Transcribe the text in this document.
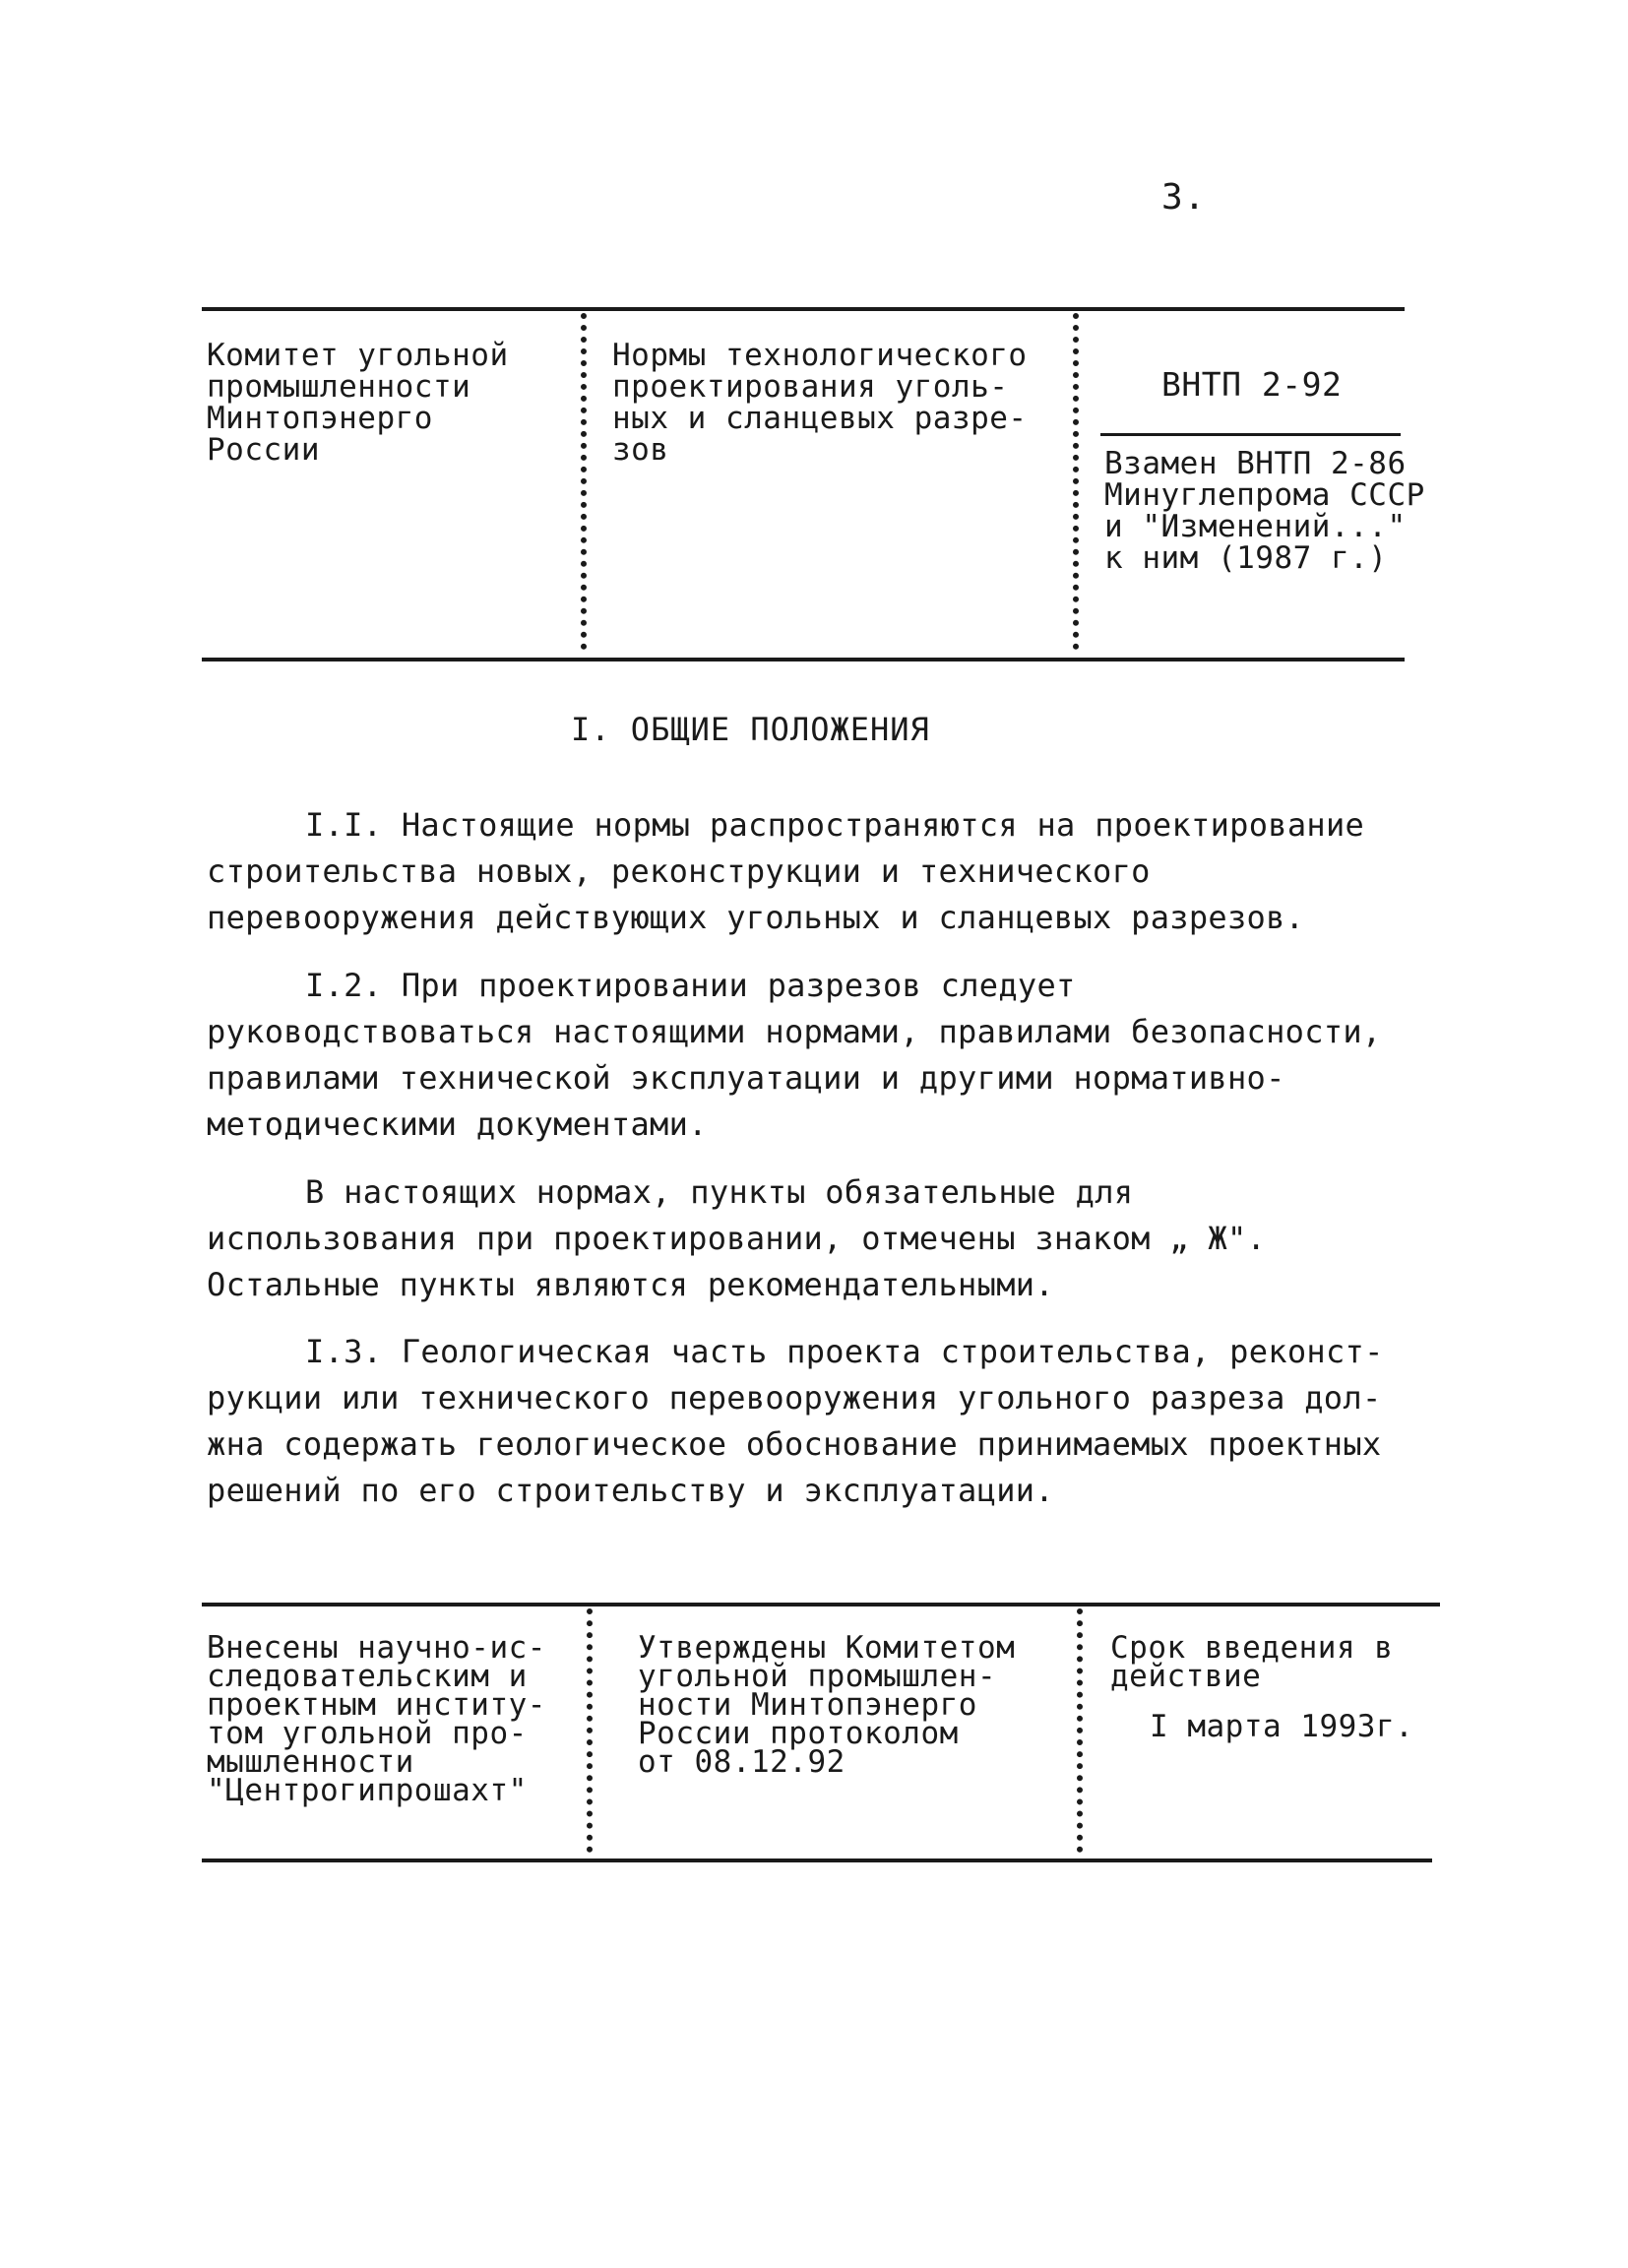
3.
Комитет угольной
промышленности
Минтопэнерго
России
Нормы технологического
проектирования уголь-
ных и сланцевых разре-
зов
ВНТП 2-92
Взамен ВНТП 2-86
Минуглепрома СССР
и "Изменений..."
к ним (1987 г.)
I. ОБЩИЕ ПОЛОЖЕНИЯ

I.I. Настоящие нормы распространяются на проектирование строительства новых, реконструкции и технического перевооружения действующих угольных и сланцевых разрезов.

I.2. При проектировании разрезов следует руководствоваться настоящими нормами, правилами безопасности, правилами технической эксплуатации и другими нормативно-методическими документами.

В настоящих нормах, пункты обязательные для использования при проектировании, отмечены знаком „ Ж". Остальные пункты являются рекомендательными.

I.3. Геологическая часть проекта строительства, реконструкции или технического перевооружения угольного разреза должна содержать геологическое обоснование принимаемых проектных решений по его строительству и эксплуатации.

Внесены научно-ис-
следовательским и
проектным институ-
том угольной про-
мышленности
"Центрогипрошахт"
Утверждены Комитетом
угольной промышлен-
ности Минтопэнерго
России протоколом
от 08.12.92
Срок введения в
действие
I марта 1993г.
